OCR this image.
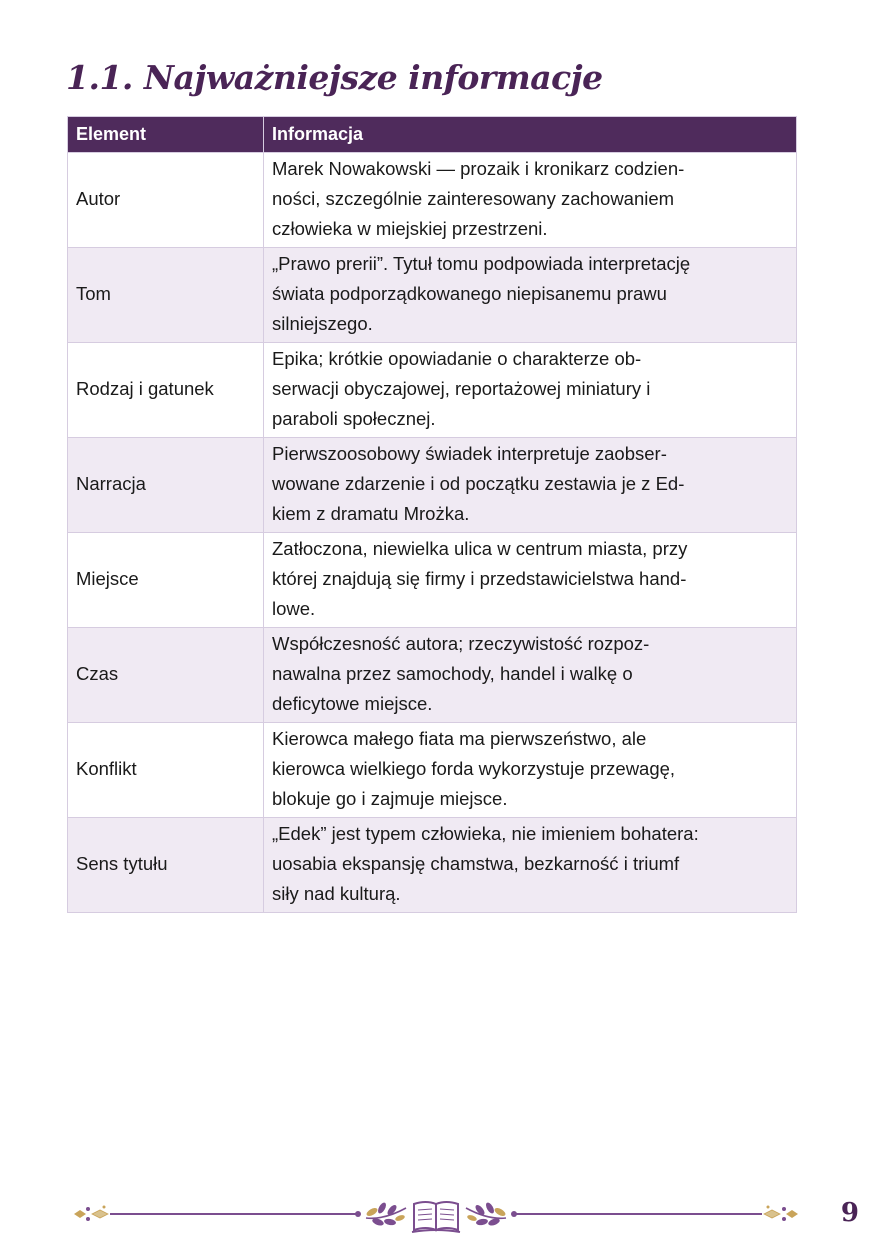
1.1. Najważniejsze informacje
Element	Informacja
Autor	Marek Nowakowski — prozaik i kronikarz codzien-
ności, szczególnie zainteresowany zachowaniem
człowieka w miejskiej przestrzeni.
Tom	„Prawo prerii”. Tytuł tomu podpowiada interpretację
świata podporządkowanego niepisanemu prawu
silniejszego.
Rodzaj i gatunek	Epika; krótkie opowiadanie o charakterze ob-
serwacji obyczajowej, reportażowej miniatury i
paraboli społecznej.
Narracja	Pierwszoosobowy świadek interpretuje zaobser-
wowane zdarzenie i od początku zestawia je z Ed-
kiem z dramatu Mrożka.
Miejsce	Zatłoczona, niewielka ulica w centrum miasta, przy
której znajdują się firmy i przedstawicielstwa hand-
lowe.
Czas	Współczesność autora; rzeczywistość rozpoz-
nawalna przez samochody, handel i walkę o
deficytowe miejsce.
Konflikt	Kierowca małego fiata ma pierwszeństwo, ale
kierowca wielkiego forda wykorzystuje przewagę,
blokuje go i zajmuje miejsce.
Sens tytułu	„Edek” jest typem człowieka, nie imieniem bohatera:
uosabia ekspansję chamstwa, bezkarność i triumf
siły nad kulturą.
9
